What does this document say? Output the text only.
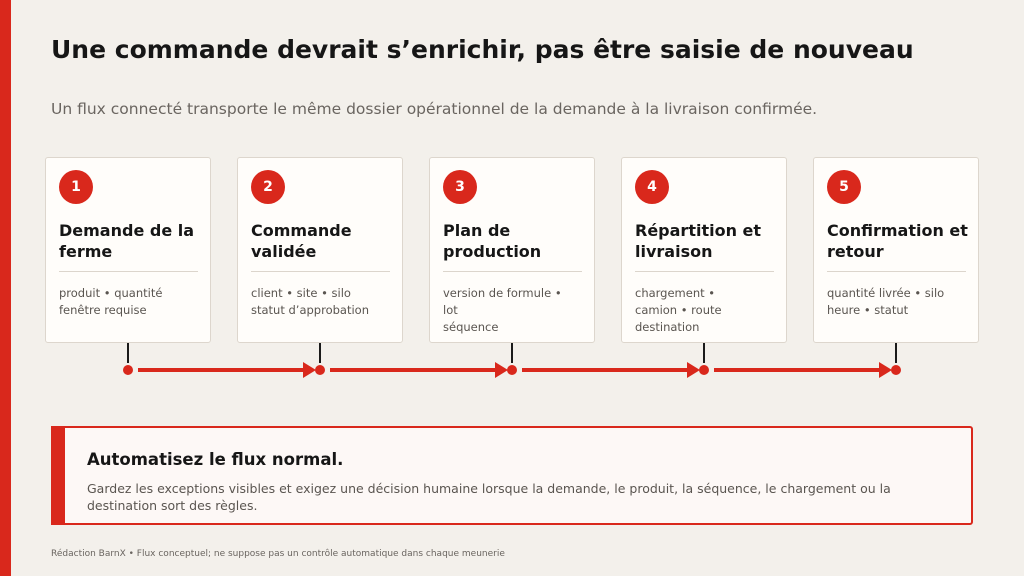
Une commande devrait s’enrichir, pas être saisie de nouveau

Un flux connecté transporte le même dossier opérationnel de la demande à la livraison confirmée.

1
Demande de la ferme
produit • quantité
fenêtre requise
2
Commande validée
client • site • silo
statut d’approbation
3
Plan de production
version de formule •
lot
séquence
4
Répartition et livraison
chargement •
camion • route
destination
5
Confirmation et retour
quantité livrée • silo
heure • statut
Automatisez le flux normal.
Gardez les exceptions visibles et exigez une décision humaine lorsque la demande, le produit, la séquence, le chargement ou la destination sort des règles.
Rédaction BarnX • Flux conceptuel; ne suppose pas un contrôle automatique dans chaque meunerie
